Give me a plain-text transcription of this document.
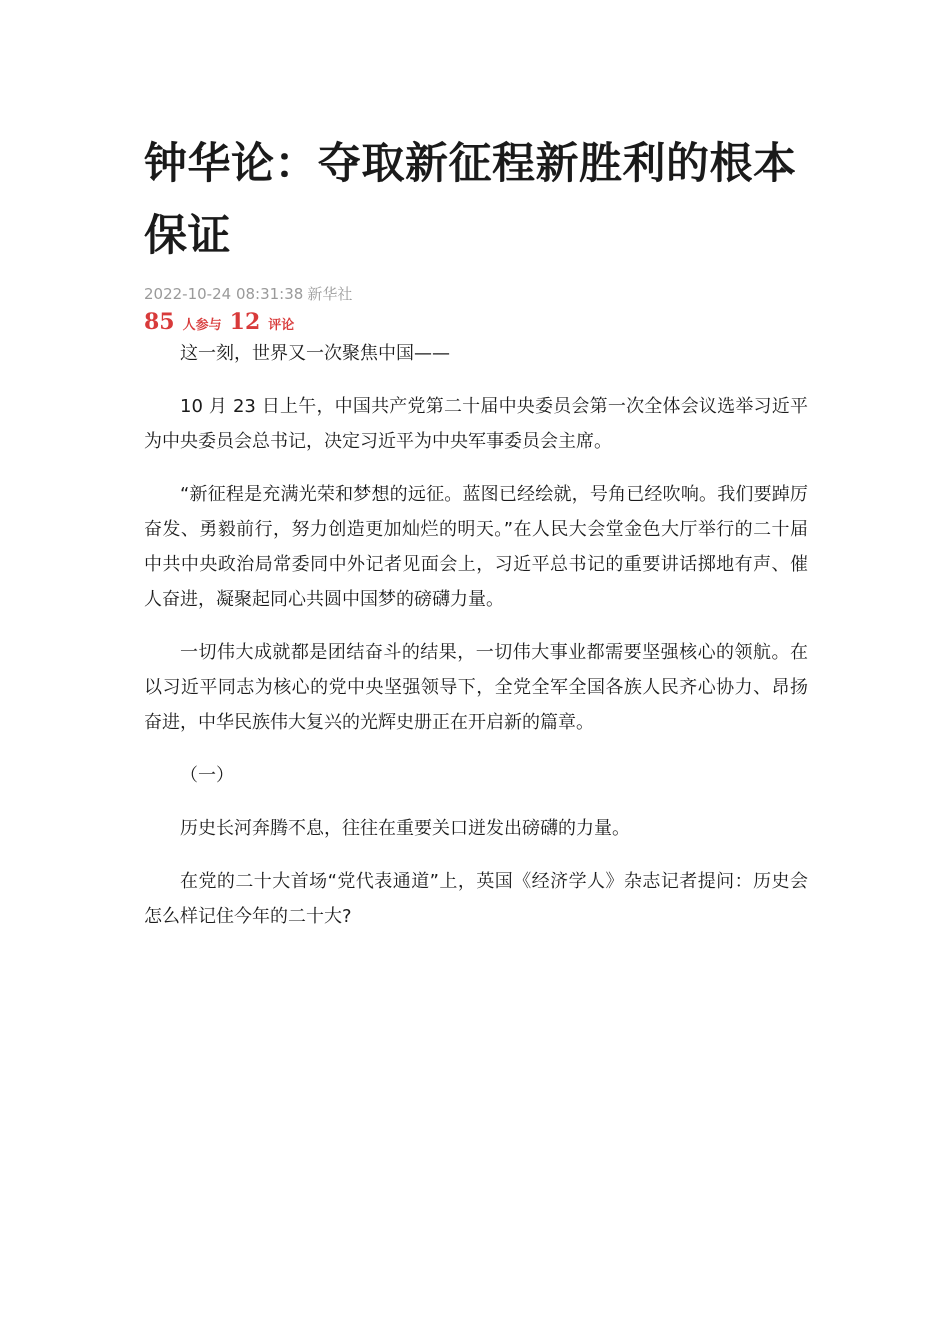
钟华论：夺取新征程新胜利的根本保证
2022-10-24 08:31:38 新华社
85 人参与 12 评论

这一刻，世界又一次聚焦中国——

10 月 23 日上午，中国共产党第二十届中央委员会第一次全体会议选举习近平为中央委员会总书记，决定习近平为中央军事委员会主席。

“新征程是充满光荣和梦想的远征。蓝图已经绘就，号角已经吹响。我们要踔厉奋发、勇毅前行，努力创造更加灿烂的明天。”在人民大会堂金色大厅举行的二十届中共中央政治局常委同中外记者见面会上，习近平总书记的重要讲话掷地有声、催人奋进，凝聚起同心共圆中国梦的磅礴力量。

一切伟大成就都是团结奋斗的结果，一切伟大事业都需要坚强核心的领航。在以习近平同志为核心的党中央坚强领导下，全党全军全国各族人民齐心协力、昂扬奋进，中华民族伟大复兴的光辉史册正在开启新的篇章。

（一）

历史长河奔腾不息，往往在重要关口迸发出磅礴的力量。

在党的二十大首场“党代表通道”上，英国《经济学人》杂志记者提问：历史会怎么样记住今年的二十大?
